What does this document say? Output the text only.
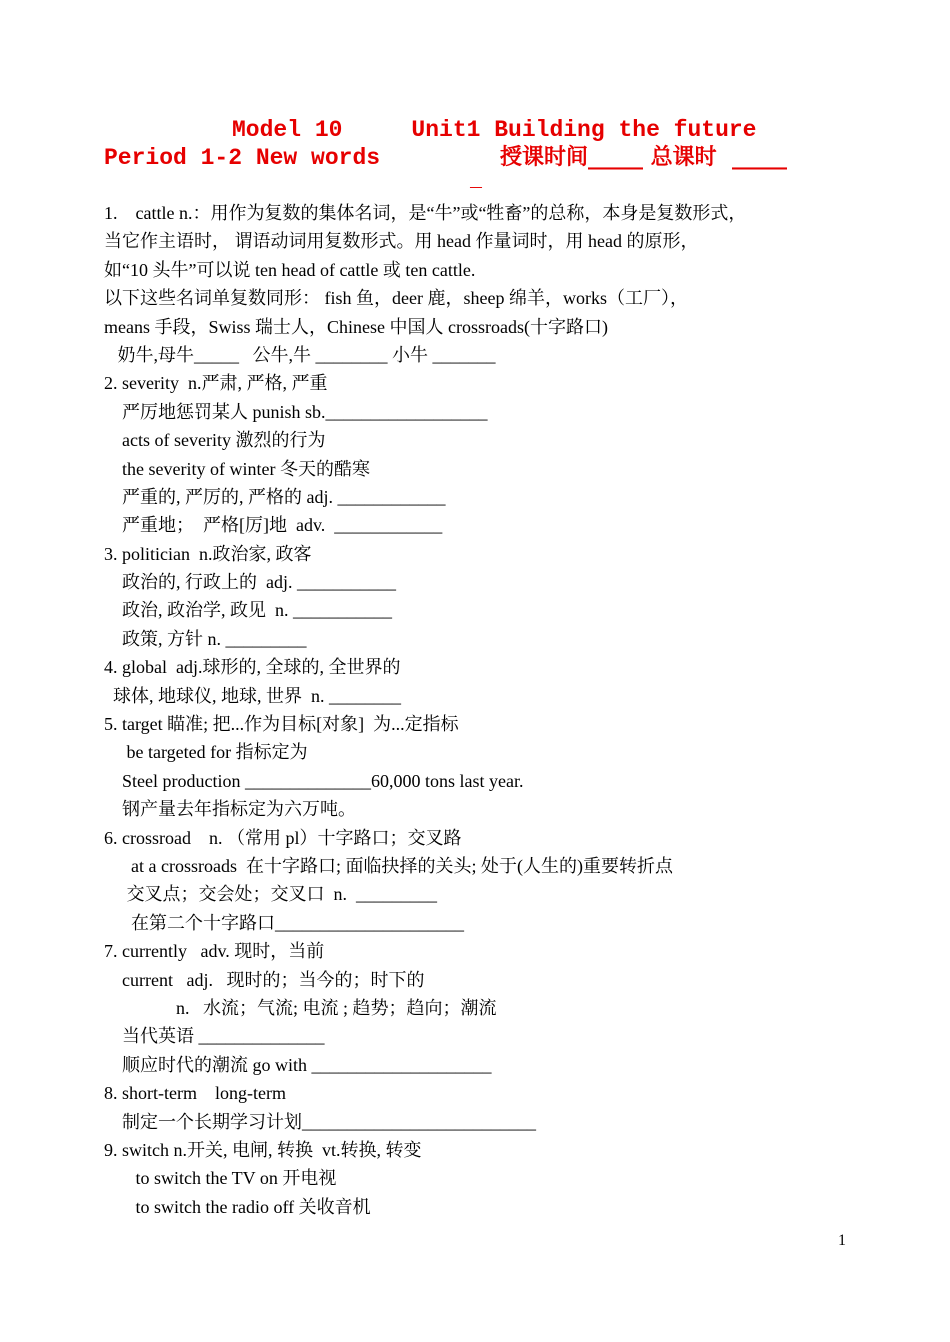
Model 10     Unit1 Building the future
Period 1-2 New words	授课时间_____ 总课时  _____
_
1.    cattle n.：用作为复数的集体名词，是“牛”或“牲畜”的总称，本身是复数形式，
当它作主语时， 谓语动词用复数形式。用 head 作量词时，用 head 的原形，
如“10 头牛”可以说 ten head of cattle 或 ten cattle.
以下这些名词单复数同形： fish 鱼，deer 鹿，sheep 绵羊，works（工厂），
means 手段，Swiss 瑞士人，Chinese 中国人 crossroads(十字路口)
奶牛,母牛_____   公牛,牛 ________ 小牛 _______
2. severity  n.严肃, 严格, 严重
严厉地惩罚某人 punish sb.__________________
acts of severity 激烈的行为
the severity of winter 冬天的酷寒
严重的, 严厉的, 严格的 adj. ____________
严重地；  严格[厉]地  adv.  ____________
3. politician  n.政治家, 政客
政治的, 行政上的  adj. ___________
政治, 政治学, 政见  n. ___________
政策, 方针 n. _________
4. global  adj.球形的, 全球的, 全世界的
球体, 地球仪, 地球, 世界  n. ________
5. target 瞄准; 把...作为目标[对象]  为...定指标
be targeted for 指标定为
Steel production ______________60,000 tons last year.
钢产量去年指标定为六万吨。
6. crossroad    n. （常用 pl）十字路口；交叉路
at a crossroads  在十字路口; 面临抉择的关头; 处于(人生的)重要转折点
交叉点；交会处；交叉口  n.  _________
在第二个十字路口_____________________
7. currently   adv. 现时，当前
current   adj.   现时的；当今的；时下的
n.   水流；气流; 电流 ; 趋势；趋向；潮流
当代英语 ______________
顺应时代的潮流 go with ____________________
8. short-term    long-term
制定一个长期学习计划__________________________
9. switch n.开关, 电闸, 转换  vt.转换, 转变
to switch the TV on 开电视
to switch the radio off 关收音机
1
